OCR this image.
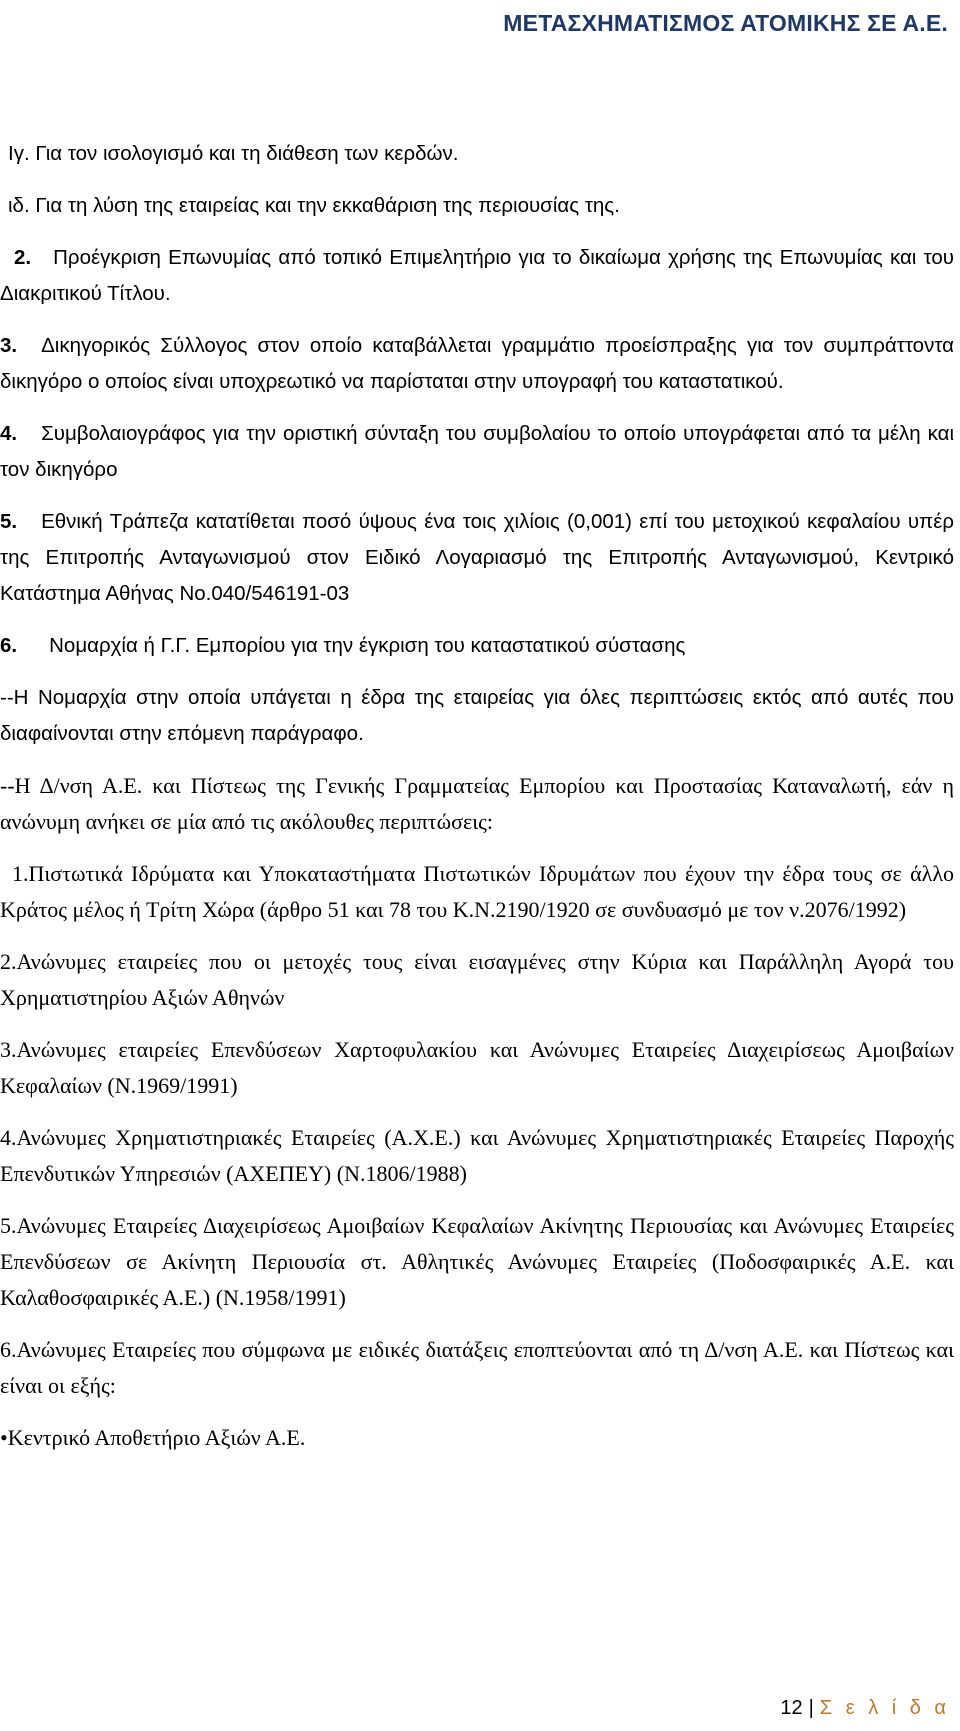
ΜΕΤΑΣΧΗΜΑΤΙΣΜΟΣ ΑΤΟΜΙΚΗΣ ΣΕ Α.Ε.

Ιγ. Για τον ισολογισμό και τη διάθεση των κερδών.

ιδ. Για τη λύση της εταιρείας και την εκκαθάριση της περιουσίας της.

2. Προέγκριση Επωνυμίας από τοπικό Επιμελητήριο για το δικαίωμα χρήσης της Επωνυμίας και του Διακριτικού Τίτλου.

3. Δικηγορικός Σύλλογος στον οποίο καταβάλλεται γραμμάτιο προείσπραξης για τον συμπράττοντα δικηγόρο ο οποίος είναι υποχρεωτικό να παρίσταται στην υπογραφή του καταστατικού.

4. Συμβολαιογράφος για την οριστική σύνταξη του συμβολαίου το οποίο υπογράφεται από τα μέλη και τον δικηγόρο

5. Εθνική Τράπεζα κατατίθεται ποσό ύψους ένα τοις χιλίοις (0,001) επί του μετοχικού κεφαλαίου υπέρ της Επιτροπής Ανταγωνισμού στον Ειδικό Λογαριασμό της Επιτροπής Ανταγωνισμού, Κεντρικό Κατάστημα Αθήνας Νο.040/546191-03

6. Νομαρχία ή Γ.Γ. Εμπορίου για την έγκριση του καταστατικού σύστασης

--Η Νομαρχία στην οποία υπάγεται η έδρα της εταιρείας για όλες περιπτώσεις εκτός από αυτές που διαφαίνονται στην επόμενη παράγραφο.

--Η Δ/νση Α.Ε. και Πίστεως της Γενικής Γραμματείας Εμπορίου και Προστασίας Καταναλωτή, εάν η ανώνυμη ανήκει σε μία από τις ακόλουθες περιπτώσεις:

1.Πιστωτικά Ιδρύματα και Υποκαταστήματα Πιστωτικών Ιδρυμάτων που έχουν την έδρα τους σε άλλο Κράτος μέλος ή Τρίτη Χώρα (άρθρο 51 και 78 του Κ.Ν.2190/1920 σε συνδυασμό με τον ν.2076/1992)

2.Ανώνυμες εταιρείες που οι μετοχές τους είναι εισαγμένες στην Κύρια και Παράλληλη Αγορά του Χρηματιστηρίου Αξιών Αθηνών

3.Ανώνυμες εταιρείες Επενδύσεων Χαρτοφυλακίου και Ανώνυμες Εταιρείες Διαχειρίσεως Αμοιβαίων Κεφαλαίων (Ν.1969/1991)

4.Ανώνυμες Χρηματιστηριακές Εταιρείες (Α.Χ.Ε.) και Ανώνυμες Χρηματιστηριακές Εταιρείες Παροχής Επενδυτικών Υπηρεσιών (ΑΧΕΠΕΥ) (Ν.1806/1988)

5.Ανώνυμες Εταιρείες Διαχειρίσεως Αμοιβαίων Κεφαλαίων Ακίνητης Περιουσίας και Ανώνυμες Εταιρείες Επενδύσεων σε Ακίνητη Περιουσία στ. Αθλητικές Ανώνυμες Εταιρείες (Ποδοσφαιρικές Α.Ε. και Καλαθοσφαιρικές Α.Ε.) (Ν.1958/1991)

6.Ανώνυμες Εταιρείες που σύμφωνα με ειδικές διατάξεις εποπτεύονται από τη Δ/νση Α.Ε. και Πίστεως και είναι οι εξής:

•Κεντρικό Αποθετήριο Αξιών Α.Ε.

12 | Σ ε λ ί δ α
